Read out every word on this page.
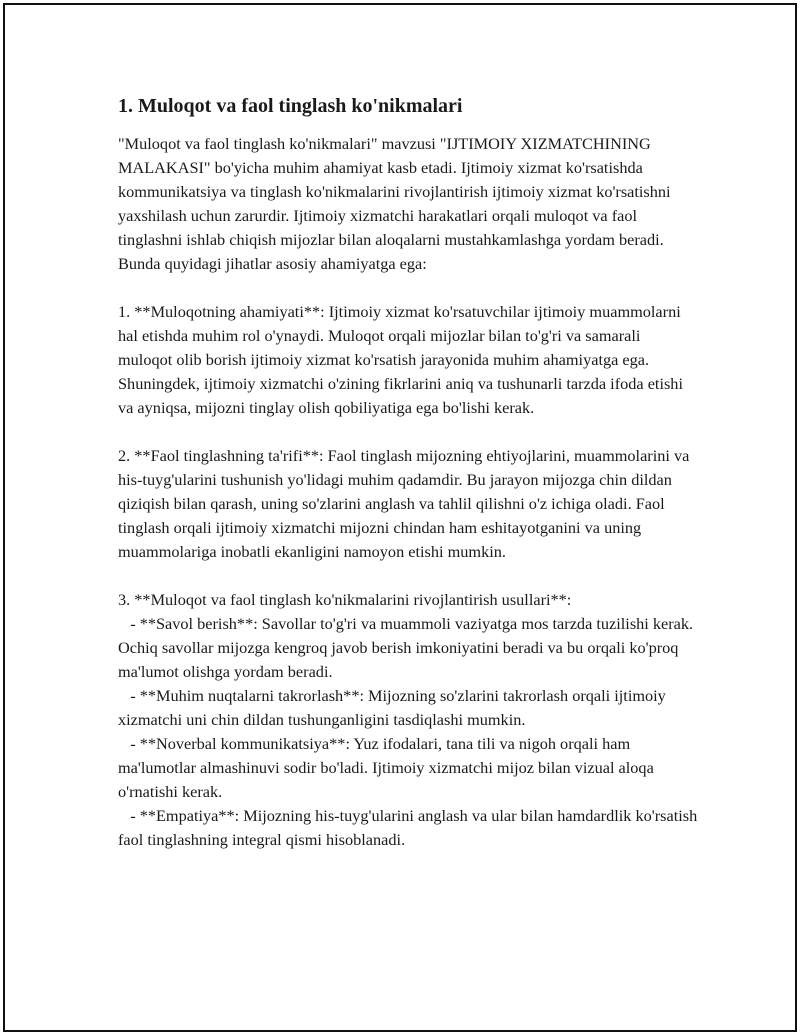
1. Muloqot va faol tinglash ko'nikmalari

"Muloqot va faol tinglash ko'nikmalari" mavzusi "IJTIMOIY XIZMATCHINING MALAKASI" bo'yicha muhim ahamiyat kasb etadi. Ijtimoiy xizmat ko'rsatishda kommunikatsiya va tinglash ko'nikmalarini rivojlantirish ijtimoiy xizmat ko'rsatishni yaxshilash uchun zarurdir. Ijtimoiy xizmatchi harakatlari orqali muloqot va faol tinglashni ishlab chiqish mijozlar bilan aloqalarni mustahkamlashga yordam beradi. Bunda quyidagi jihatlar asosiy ahamiyatga ega:

1. **Muloqotning ahamiyati**: Ijtimoiy xizmat ko'rsatuvchilar ijtimoiy muammolarni hal etishda muhim rol o'ynaydi. Muloqot orqali mijozlar bilan to'g'ri va samarali muloqot olib borish ijtimoiy xizmat ko'rsatish jarayonida muhim ahamiyatga ega. Shuningdek, ijtimoiy xizmatchi o'zining fikrlarini aniq va tushunarli tarzda ifoda etishi va ayniqsa, mijozni tinglay olish qobiliyatiga ega bo'lishi kerak.

2. **Faol tinglashning ta'rifi**: Faol tinglash mijozning ehtiyojlarini, muammolarini va his-tuyg'ularini tushunish yo'lidagi muhim qadamdir. Bu jarayon mijozga chin dildan qiziqish bilan qarash, uning so'zlarini anglash va tahlil qilishni o'z ichiga oladi. Faol tinglash orqali ijtimoiy xizmatchi mijozni chindan ham eshitayotganini va uning muammolariga inobatli ekanligini namoyon etishi mumkin.

3. **Muloqot va faol tinglash ko'nikmalarini rivojlantirish usullari**:

- **Savol berish**: Savollar to'g'ri va muammoli vaziyatga mos tarzda tuzilishi kerak. Ochiq savollar mijozga kengroq javob berish imkoniyatini beradi va bu orqali ko'proq ma'lumot olishga yordam beradi.

- **Muhim nuqtalarni takrorlash**: Mijozning so'zlarini takrorlash orqali ijtimoiy xizmatchi uni chin dildan tushunganligini tasdiqlashi mumkin.

- **Noverbal kommunikatsiya**: Yuz ifodalari, tana tili va nigoh orqali ham ma'lumotlar almashinuvi sodir bo'ladi. Ijtimoiy xizmatchi mijoz bilan vizual aloqa o'rnatishi kerak.

- **Empatiya**: Mijozning his-tuyg'ularini anglash va ular bilan hamdardlik ko'rsatish faol tinglashning integral qismi hisoblanadi.
